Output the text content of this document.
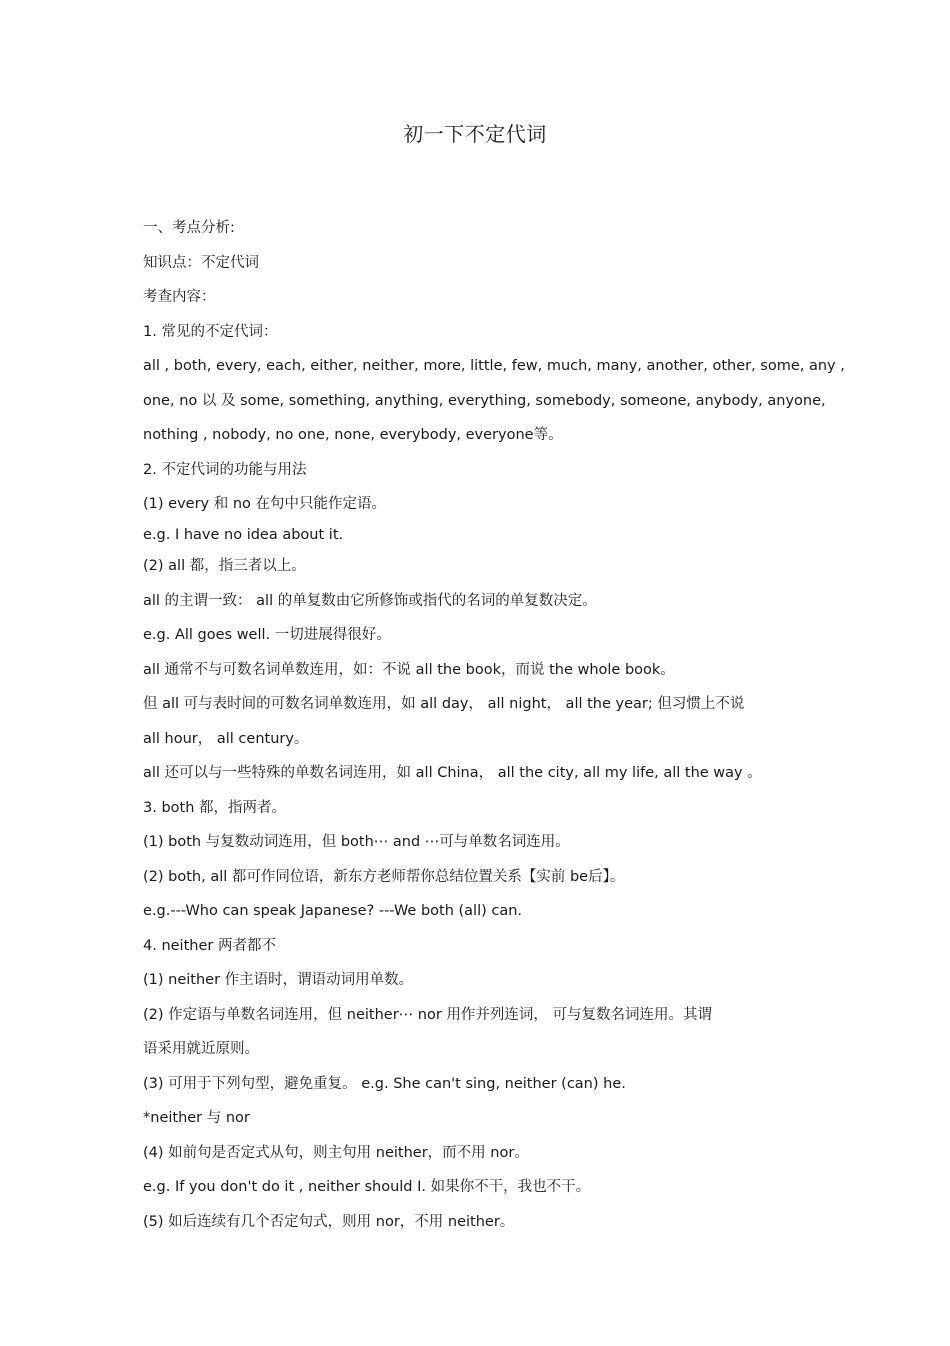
初一下不定代词
一、考点分析:
知识点：不定代词
考查内容：
1. 常见的不定代词：
all , both, every, each, either, neither, more, little, few, much, many, another, other, some, any ,
one, no 以 及 some, something, anything, everything, somebody, someone, anybody, anyone,
nothing , nobody, no one, none, everybody, everyone等。
2. 不定代词的功能与用法
(1) every 和 no 在句中只能作定语。
e.g. I have no idea about it.
(2) all 都，指三者以上。
all 的主谓一致： all 的单复数由它所修饰或指代的名词的单复数决定。
e.g. All goes well. 一切进展得很好。
all 通常不与可数名词单数连用，如：不说 all the book，而说 the whole book。
但 all 可与表时间的可数名词单数连用，如 all day， all night， all the year; 但习惯上不说
all hour， all century。
all 还可以与一些特殊的单数名词连用，如 all China， all the city, all my life, all the way 。
3. both 都，指两者。
(1) both 与复数动词连用，但 both⋯ and ⋯可与单数名词连用。
(2) both, all 都可作同位语，新东方老师帮你总结位置关系【实前 be后】。
e.g.---Who can speak Japanese? ---We both (all) can.
4. neither 两者都不
(1) neither 作主语时，谓语动词用单数。
(2) 作定语与单数名词连用，但 neither⋯ nor 用作并列连词， 可与复数名词连用。其谓
语采用就近原则。
(3) 可用于下列句型，避免重复。 e.g. She can't sing, neither (can) he.
*neither 与 nor
(4) 如前句是否定式从句，则主句用 neither，而不用 nor。
e.g. If you don't do it , neither should I. 如果你不干，我也不干。
(5) 如后连续有几个否定句式，则用 nor，不用 neither。
